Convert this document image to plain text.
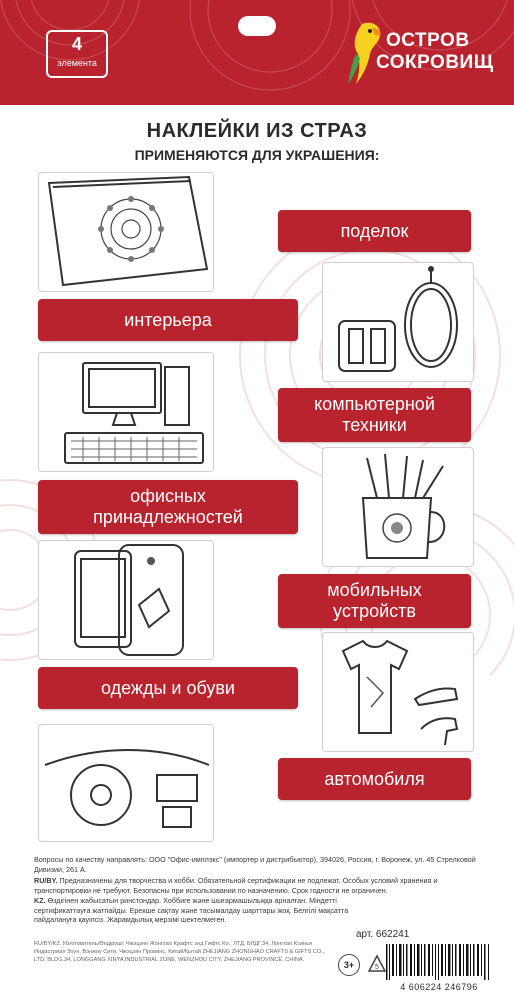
4
элемента
ОСТРОВ
СОКРОВИЩ
НАКЛЕЙКИ ИЗ СТРАЗ
ПРИМЕНЯЮТСЯ ДЛЯ УКРАШЕНИЯ:
поделок
интерьера
компьютерной
техники
офисных
принадлежностей
мобильных
устройств
одежды и обуви
автомобиля
Вопросы по качеству направлять: ООО "Офис-имплэкс" (импортер и дистрибьютор), 394026, Россия, г. Воронеж, ул. 45 Стрелковой Дивизии, 261 А.
RU/BY. Предназначены для творчества и хобби. Обязательной сертификации не подлежат. Особых условий хранения и транспортировки не требуют. Безопасны при использовании по назначению. Срок годности не ограничен.
KZ. Өздігінен жабысатын ринстондар. Хоббиге және шығармашылыққа арналған. Міндетті сертификаттауға жатпайды. Ерекше сақтау және тасымалдау шарттары жоқ. Белгілі мақсатта пайдалануға қауіпсіз. Жарамдылық мерзімі шектелмеген.
RU/BY/KZ. Изготовитель/Өндіруші: Чжэцзян Жонгхао Крафтс энд Гифтс Ко., ЛТД, БЛДГ.34, Лонгхао Ксинья Индастриал Зоун, Вэнжоу Сити, Чжэцзян Провинс, Китай/Қытай ZHEJIANG ZHONGHAO CRAFTS & GIFTS CO., LTD, BLDG.34, LONGGANG XINYA INDUSTRIAL ZONE, WENZHOU CITY, ZHEJIANG PROVINCE, CHINA.
арт. 662241
3+	5
4 606224 246796
